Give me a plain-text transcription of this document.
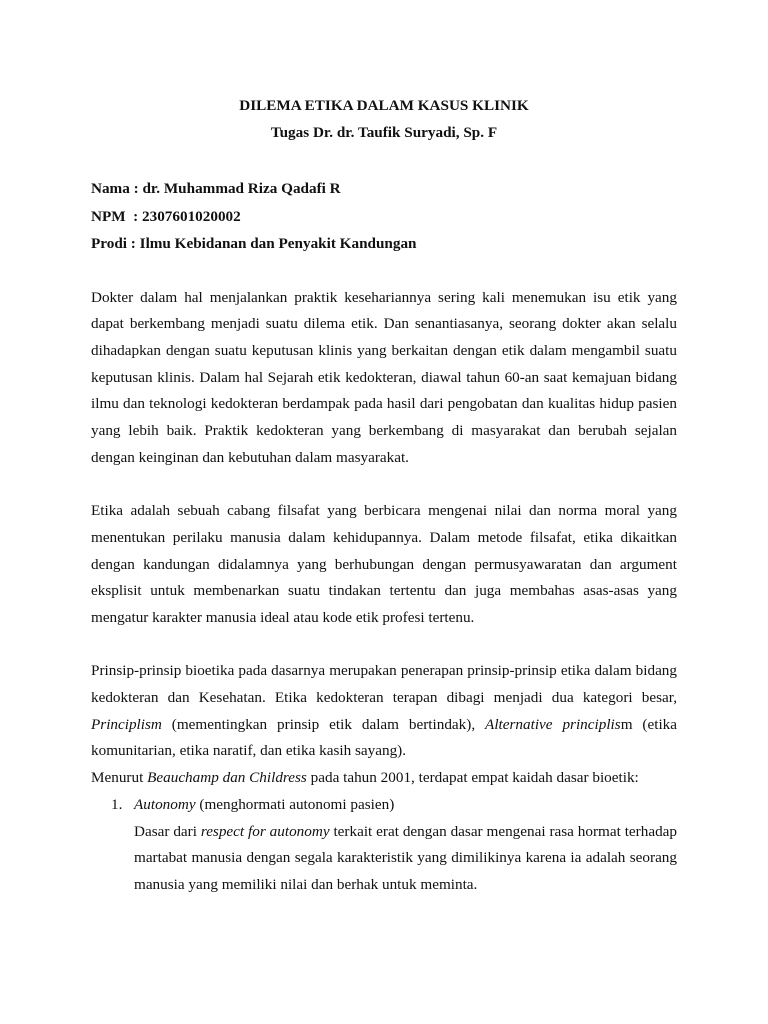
DILEMA ETIKA DALAM KASUS KLINIK
Tugas Dr. dr. Taufik Suryadi, Sp. F
Nama : dr. Muhammad Riza Qadafi R
NPM  : 2307601020002
Prodi : Ilmu Kebidanan dan Penyakit Kandungan

Dokter dalam hal menjalankan praktik kesehariannya sering kali menemukan isu etik yang dapat berkembang menjadi suatu dilema etik. Dan senantiasanya, seorang dokter akan selalu dihadapkan dengan suatu keputusan klinis yang berkaitan dengan etik dalam mengambil suatu keputusan klinis. Dalam hal Sejarah etik kedokteran, diawal tahun 60-an saat kemajuan bidang ilmu dan teknologi kedokteran berdampak pada hasil dari pengobatan dan kualitas hidup pasien yang lebih baik. Praktik kedokteran yang berkembang di masyarakat dan berubah sejalan dengan keinginan dan kebutuhan dalam masyarakat.

Etika adalah sebuah cabang filsafat yang berbicara mengenai nilai dan norma moral yang menentukan perilaku manusia dalam kehidupannya. Dalam metode filsafat, etika dikaitkan dengan kandungan didalamnya yang berhubungan dengan permusyawaratan dan argument eksplisit untuk membenarkan suatu tindakan tertentu dan juga membahas asas-asas yang mengatur karakter manusia ideal atau kode etik profesi tertenu.

Prinsip-prinsip bioetika pada dasarnya merupakan penerapan prinsip-prinsip etika dalam bidang kedokteran dan Kesehatan. Etika kedokteran terapan dibagi menjadi dua kategori besar, Principlism (mementingkan prinsip etik dalam bertindak), Alternative principlism (etika komunitarian, etika naratif, dan etika kasih sayang).

Menurut Beauchamp dan Childress pada tahun 2001, terdapat empat kaidah dasar bioetik:

1. Autonomy (menghormati autonomi pasien)

Dasar dari respect for autonomy terkait erat dengan dasar mengenai rasa hormat terhadap martabat manusia dengan segala karakteristik yang dimilikinya karena ia adalah seorang manusia yang memiliki nilai dan berhak untuk meminta.
